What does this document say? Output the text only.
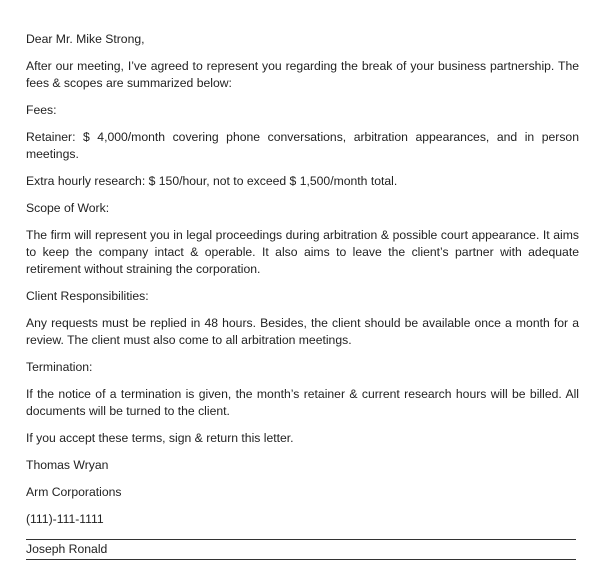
Dear Mr. Mike Strong,

After our meeting, I’ve agreed to represent you regarding the break of your business partnership. The fees & scopes are summarized below:

Fees:

Retainer: $ 4,000/month covering phone conversations, arbitration appearances, and in person meetings.

Extra hourly research: $ 150/hour, not to exceed $ 1,500/month total.

Scope of Work:

The firm will represent you in legal proceedings during arbitration & possible court appearance. It aims to keep the company intact & operable. It also aims to leave the client’s partner with adequate retirement without straining the corporation.

Client Responsibilities:

Any requests must be replied in 48 hours. Besides, the client should be available once a month for a review. The client must also come to all arbitration meetings.

Termination:

If the notice of a termination is given, the month’s retainer & current research hours will be billed. All documents will be turned to the client.

If you accept these terms, sign & return this letter.

Thomas Wryan

Arm Corporations

(111)-111-1111

Joseph Ronald
